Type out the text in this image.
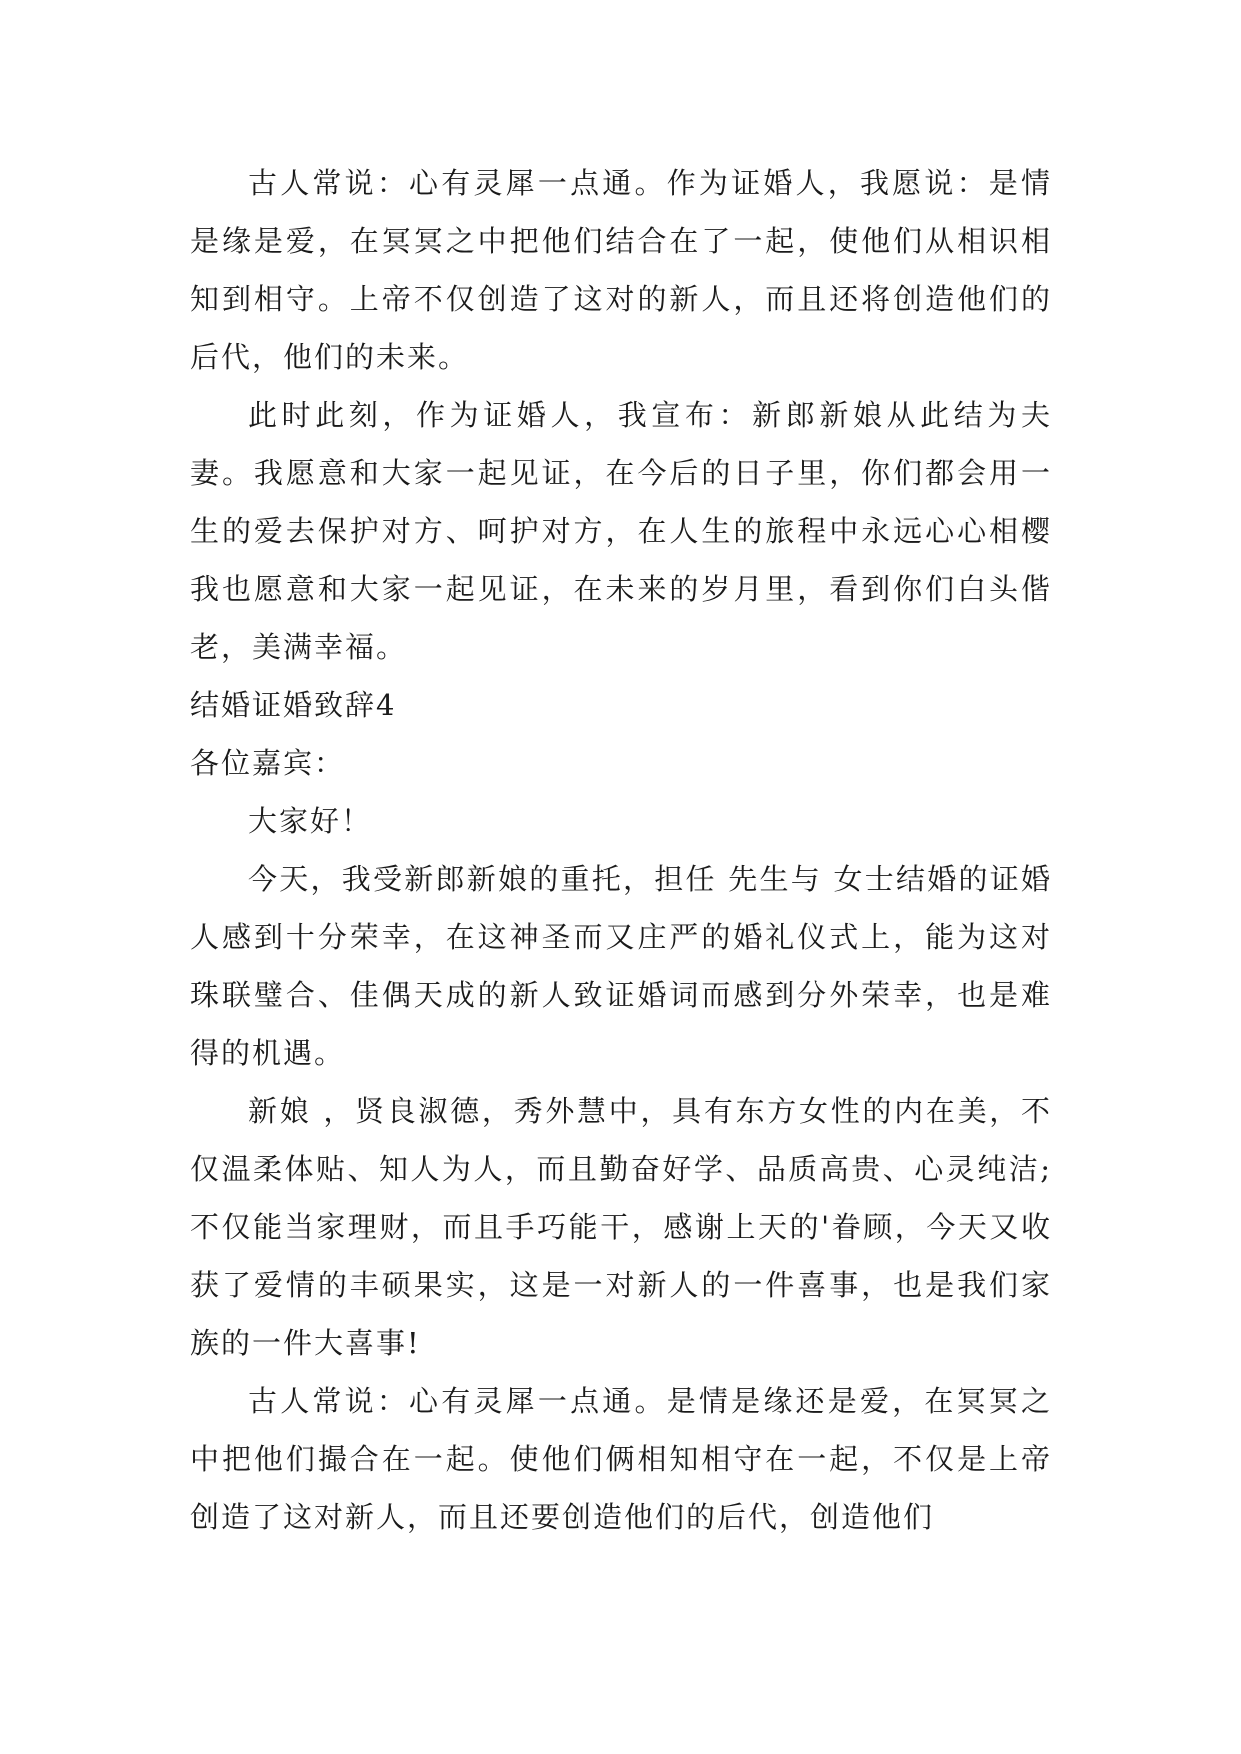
古人常说：心有灵犀一点通。作为证婚人，我愿说：是情是缘是爱，在冥冥之中把他们结合在了一起，使他们从相识相知到相守。上帝不仅创造了这对的新人，而且还将创造他们的后代，他们的未来。

此时此刻，作为证婚人，我宣布：新郎新娘从此结为夫妻。我愿意和大家一起见证，在今后的日子里，你们都会用一生的爱去保护对方、呵护对方，在人生的旅程中永远心心相樱我也愿意和大家一起见证，在未来的岁月里，看到你们白头偕老，美满幸福。

结婚证婚致辞4

各位嘉宾：

大家好！

今天，我受新郎新娘的重托，担任 先生与 女士结婚的证婚人感到十分荣幸，在这神圣而又庄严的婚礼仪式上，能为这对珠联璧合、佳偶天成的新人致证婚词而感到分外荣幸，也是难得的机遇。

新娘 ，贤良淑德，秀外慧中，具有东方女性的内在美，不仅温柔体贴、知人为人，而且勤奋好学、品质高贵、心灵纯洁;不仅能当家理财，而且手巧能干，感谢上天的'眷顾，今天又收获了爱情的丰硕果实，这是一对新人的一件喜事，也是我们家族的一件大喜事!

古人常说：心有灵犀一点通。是情是缘还是爱，在冥冥之中把他们撮合在一起。使他们俩相知相守在一起，不仅是上帝创造了这对新人，而且还要创造他们的后代，创造他们
